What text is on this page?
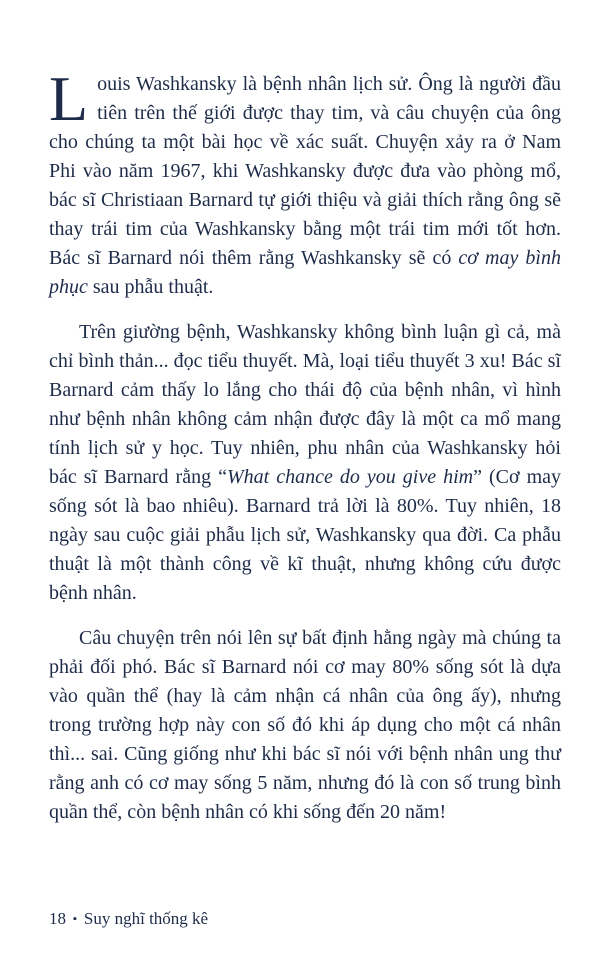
Louis Washkansky là bệnh nhân lịch sử. Ông là người đầu tiên trên thế giới được thay tim, và câu chuyện của ông cho chúng ta một bài học về xác suất. Chuyện xảy ra ở Nam Phi vào năm 1967, khi Washkansky được đưa vào phòng mổ, bác sĩ Christiaan Barnard tự giới thiệu và giải thích rằng ông sẽ thay trái tim của Washkansky bằng một trái tim mới tốt hơn. Bác sĩ Barnard nói thêm rằng Washkansky sẽ có cơ may bình phục sau phẫu thuật.

Trên giường bệnh, Washkansky không bình luận gì cả, mà chỉ bình thản... đọc tiểu thuyết. Mà, loại tiểu thuyết 3 xu! Bác sĩ Barnard cảm thấy lo lắng cho thái độ của bệnh nhân, vì hình như bệnh nhân không cảm nhận được đây là một ca mổ mang tính lịch sử y học. Tuy nhiên, phu nhân của Washkansky hỏi bác sĩ Barnard rằng “What chance do you give him” (Cơ may sống sót là bao nhiêu). Barnard trả lời là 80%. Tuy nhiên, 18 ngày sau cuộc giải phẫu lịch sử, Washkansky qua đời. Ca phẫu thuật là một thành công về kĩ thuật, nhưng không cứu được bệnh nhân.

Câu chuyện trên nói lên sự bất định hằng ngày mà chúng ta phải đối phó. Bác sĩ Barnard nói cơ may 80% sống sót là dựa vào quần thể (hay là cảm nhận cá nhân của ông ấy), nhưng trong trường hợp này con số đó khi áp dụng cho một cá nhân thì... sai. Cũng giống như khi bác sĩ nói với bệnh nhân ung thư rằng anh có cơ may sống 5 năm, nhưng đó là con số trung bình quần thể, còn bệnh nhân có khi sống đến 20 năm!

18 ▪ Suy nghĩ thống kê
